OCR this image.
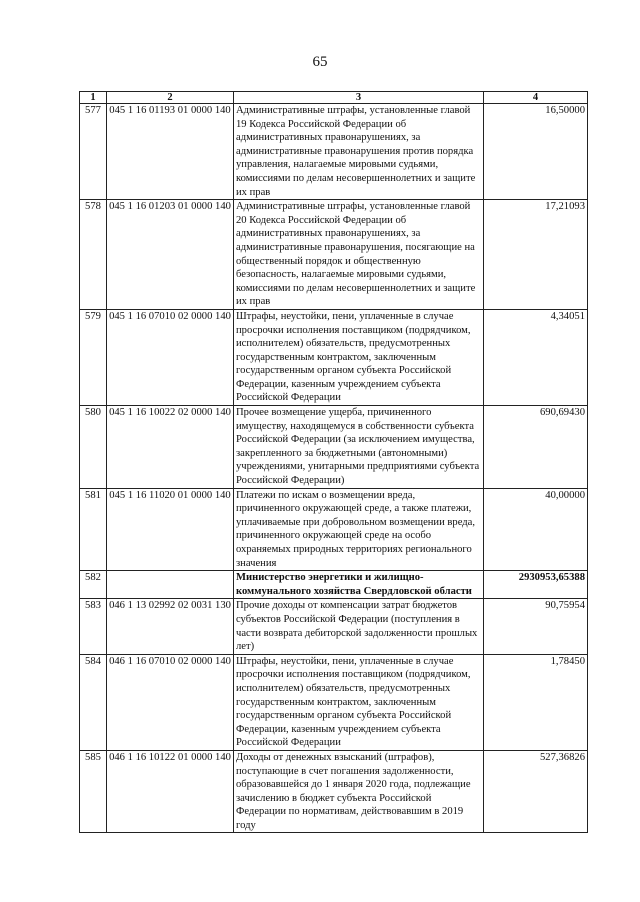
65
1	2	3	4
577	045 1 16 01193 01 0000 140	Административные штрафы, установленные главой 19 Кодекса Российской Федерации об административных правонарушениях, за административные правонарушения против порядка управления, налагаемые мировыми судьями, комиссиями по делам несовершеннолетних и защите их прав	16,50000
578	045 1 16 01203 01 0000 140	Административные штрафы, установленные главой 20 Кодекса Российской Федерации об административных правонарушениях, за административные правонарушения, посягающие на общественный порядок и общественную безопасность, налагаемые мировыми судьями, комиссиями по делам несовершеннолетних и защите их прав	17,21093
579	045 1 16 07010 02 0000 140	Штрафы, неустойки, пени, уплаченные в случае просрочки исполнения поставщиком (подрядчиком, исполнителем) обязательств, предусмотренных государственным контрактом, заключенным государственным органом субъекта Российской Федерации, казенным учреждением субъекта Российской Федерации	4,34051
580	045 1 16 10022 02 0000 140	Прочее возмещение ущерба, причиненного имуществу, находящемуся в собственности субъекта Российской Федерации (за исключением имущества, закрепленного за бюджетными (автономными) учреждениями, унитарными предприятиями субъекта Российской Федерации)	690,69430
581	045 1 16 11020 01 0000 140	Платежи по искам о возмещении вреда, причиненного окружающей среде, а также платежи, уплачиваемые при добровольном возмещении вреда, причиненного окружающей среде на особо охраняемых природных территориях регионального значения	40,00000
582		Министерство энергетики и жилищно-коммунального хозяйства Свердловской области	2930953,65388
583	046 1 13 02992 02 0031 130	Прочие доходы от компенсации затрат бюджетов субъектов Российской Федерации (поступления в части возврата дебиторской задолженности прошлых лет)	90,75954
584	046 1 16 07010 02 0000 140	Штрафы, неустойки, пени, уплаченные в случае просрочки исполнения поставщиком (подрядчиком, исполнителем) обязательств, предусмотренных государственным контрактом, заключенным государственным органом субъекта Российской Федерации, казенным учреждением субъекта Российской Федерации	1,78450
585	046 1 16 10122 01 0000 140	Доходы от денежных взысканий (штрафов), поступающие в счет погашения задолженности, образовавшейся до 1 января 2020 года, подлежащие зачислению в бюджет субъекта Российской Федерации по нормативам, действовавшим в 2019 году	527,36826
